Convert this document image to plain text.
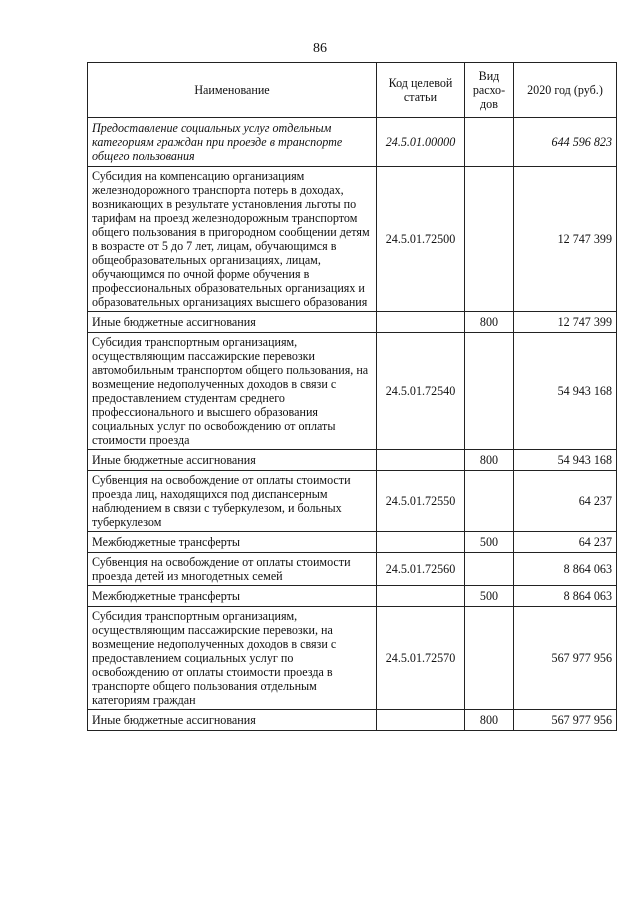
86
Наименование	Код целевой статьи	Вид расхо-дов	2020 год (руб.)
Предоставление социальных услуг отдельным категориям граждан при проезде в транспорте общего пользования	24.5.01.00000		644 596 823
Субсидия на компенсацию организациям железнодорожного транспорта потерь в доходах, возникающих в результате установления льготы по тарифам на проезд железнодорожным транспортом общего пользования в пригородном сообщении детям в возрасте от 5 до 7 лет, лицам, обучающимся в общеобразовательных организациях, лицам, обучающимся по очной форме обучения в профессиональных образовательных организациях и образовательных организациях высшего образования	24.5.01.72500		12 747 399
Иные бюджетные ассигнования		800	12 747 399
Субсидия транспортным организациям, осуществляющим пассажирские перевозки автомобильным транспортом общего пользования, на возмещение недополученных доходов в связи с предоставлением студентам среднего профессионального и высшего образования социальных услуг по освобождению от оплаты стоимости проезда	24.5.01.72540		54 943 168
Иные бюджетные ассигнования		800	54 943 168
Субвенция на освобождение от оплаты стоимости проезда лиц, находящихся под диспансерным наблюдением в связи с туберкулезом, и больных туберкулезом	24.5.01.72550		64 237
Межбюджетные трансферты		500	64 237
Субвенция на освобождение от оплаты стоимости проезда детей из многодетных семей	24.5.01.72560		8 864 063
Межбюджетные трансферты		500	8 864 063
Субсидия транспортным организациям, осуществляющим пассажирские перевозки, на возмещение недополученных доходов в связи с предоставлением социальных услуг по освобождению от оплаты стоимости проезда в транспорте общего пользования отдельным категориям граждан	24.5.01.72570		567 977 956
Иные бюджетные ассигнования		800	567 977 956
